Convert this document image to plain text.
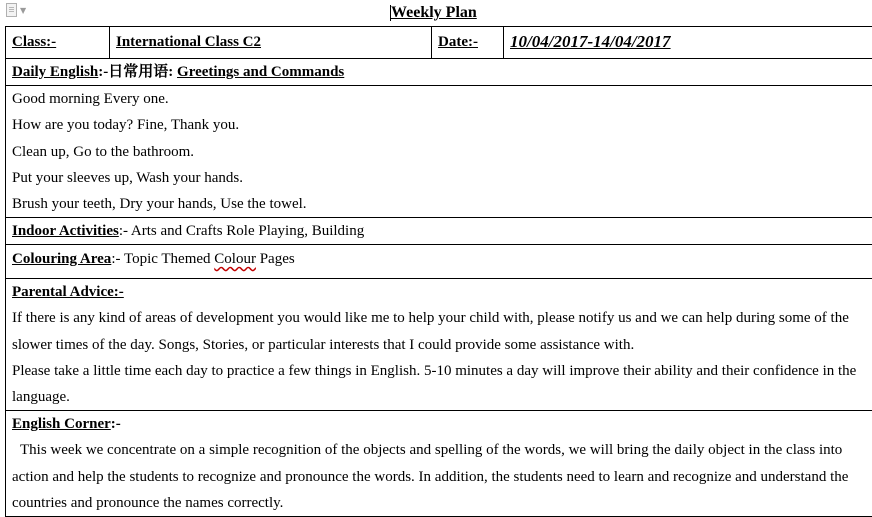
▼	Weekly Plan
Class:-	International Class C2	Date:-	10/04/2017-14/04/2017

Daily English:-日常用语: Greetings and Commands

Good morning Every one.
How are you today? Fine, Thank you.
Clean up, Go to the bathroom.
Put your sleeves up, Wash your hands.
Brush your teeth, Dry your hands, Use the towel.

Indoor Activities:- Arts and Crafts Role Playing, Building
Colouring Area:- Topic Themed Colour Pages

Parental Advice:-
If there is any kind of areas of development you would like me to help your child with, please notify us and we can help during some of the slower times of the day. Songs, Stories, or particular interests that I could provide some assistance with.
Please take a little time each day to practice a few things in English. 5-10 minutes a day will improve their ability and their confidence in the language.

English Corner:-
This week we concentrate on a simple recognition of the objects and spelling of the words, we will bring the daily object in the class into action and help the students to recognize and pronounce the words. In addition, the students need to learn and recognize and understand the countries and pronounce the names correctly.
